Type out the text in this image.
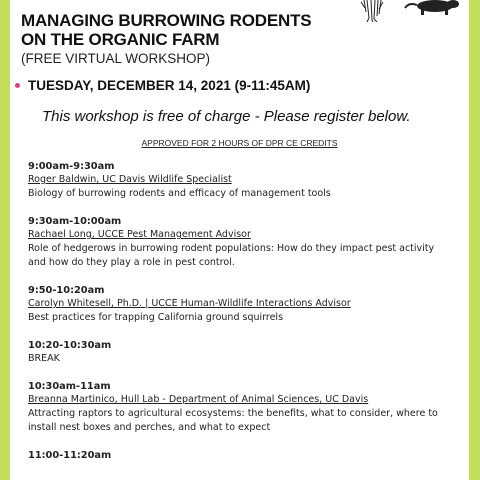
MANAGING BURROWING RODENTS
ON THE ORGANIC FARM
(FREE VIRTUAL WORKSHOP)
TUESDAY, DECEMBER 14, 2021 (9-11:45AM)
This workshop is free of charge - Please register below.
APPROVED FOR 2 HOURS OF DPR CE CREDITS
9:00am-9:30am
Roger Baldwin, UC Davis Wildlife Specialist
Biology of burrowing rodents and efficacy of management tools
9:30am-10:00am
Rachael Long, UCCE Pest Management Advisor
Role of hedgerows in burrowing rodent populations: How do they impact pest activity and how do they play a role in pest control.
9:50-10:20am
Carolyn Whitesell, Ph.D. | UCCE Human-Wildlife Interactions Advisor
Best practices for trapping California ground squirrels
10:20-10:30am
BREAK
10:30am-11am
Breanna Martinico, Hull Lab - Department of Animal Sciences, UC Davis
Attracting raptors to agricultural ecosystems: the benefits, what to consider, where to install nest boxes and perches, and what to expect
11:00-11:20am
